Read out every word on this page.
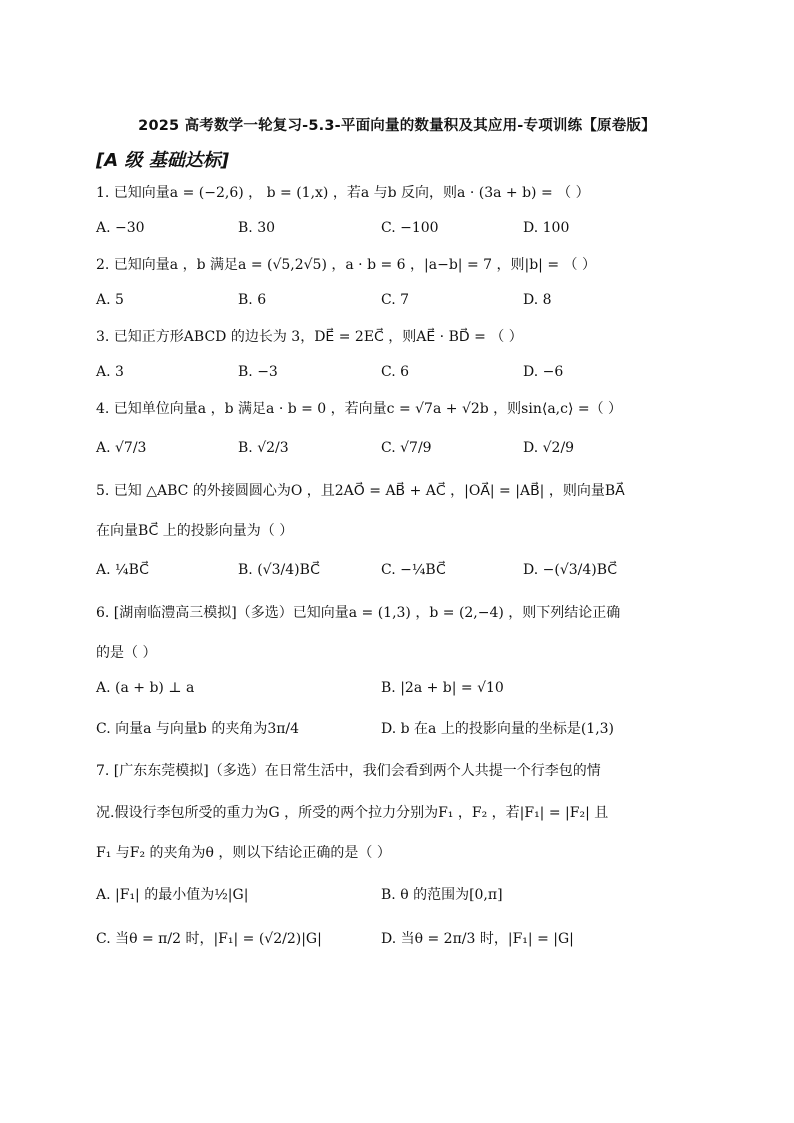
2025 高考数学一轮复习-5.3-平面向量的数量积及其应用-专项训练【原卷版】
[A 级 基础达标]
1. 已知向量a = (−2,6) ， b = (1,x) ，若a 与b 反向，则a · (3a + b) = （ ）
A. −30	B. 30	C. −100	D. 100
2. 已知向量a ，b 满足a = (√5,2√5) ，a · b = 6 ，|a−b| = 7 ，则|b| = （ ）
A. 5	B. 6	C. 7	D. 8
3. 已知正方形ABCD 的边长为 3，DE⃗ = 2EC⃗ ，则AE⃗ · BD⃗ = （ ）
A. 3	B. −3	C. 6	D. −6
4. 已知单位向量a ，b 满足a · b = 0 ，若向量c = √7a + √2b ，则sin⟨a,c⟩ =（ ）
A. √7/3	B. √2/3	C. √7/9	D. √2/9
5. 已知 △ABC 的外接圆圆心为O ，且2AO⃗ = AB⃗ + AC⃗ ，|OA⃗| = |AB⃗| ，则向量BA⃗
在向量BC⃗ 上的投影向量为（ ）
A. ¼BC⃗	B. (√3/4)BC⃗	C. −¼BC⃗	D. −(√3/4)BC⃗
6. [湖南临澧高三模拟]（多选）已知向量a = (1,3) ，b = (2,−4) ，则下列结论正确
的是（ ）
A. (a + b) ⊥ a	B. |2a + b| = √10
C. 向量a 与向量b 的夹角为3π/4	D. b 在a 上的投影向量的坐标是(1,3)
7. [广东东莞模拟]（多选）在日常生活中，我们会看到两个人共提一个行李包的情
况.假设行李包所受的重力为G ，所受的两个拉力分别为F₁ ，F₂ ，若|F₁| = |F₂| 且
F₁ 与F₂ 的夹角为θ ，则以下结论正确的是（ ）
A. |F₁| 的最小值为½|G|	B. θ 的范围为[0,π]
C. 当θ = π/2 时，|F₁| = (√2/2)|G|	D. 当θ = 2π/3 时，|F₁| = |G|
